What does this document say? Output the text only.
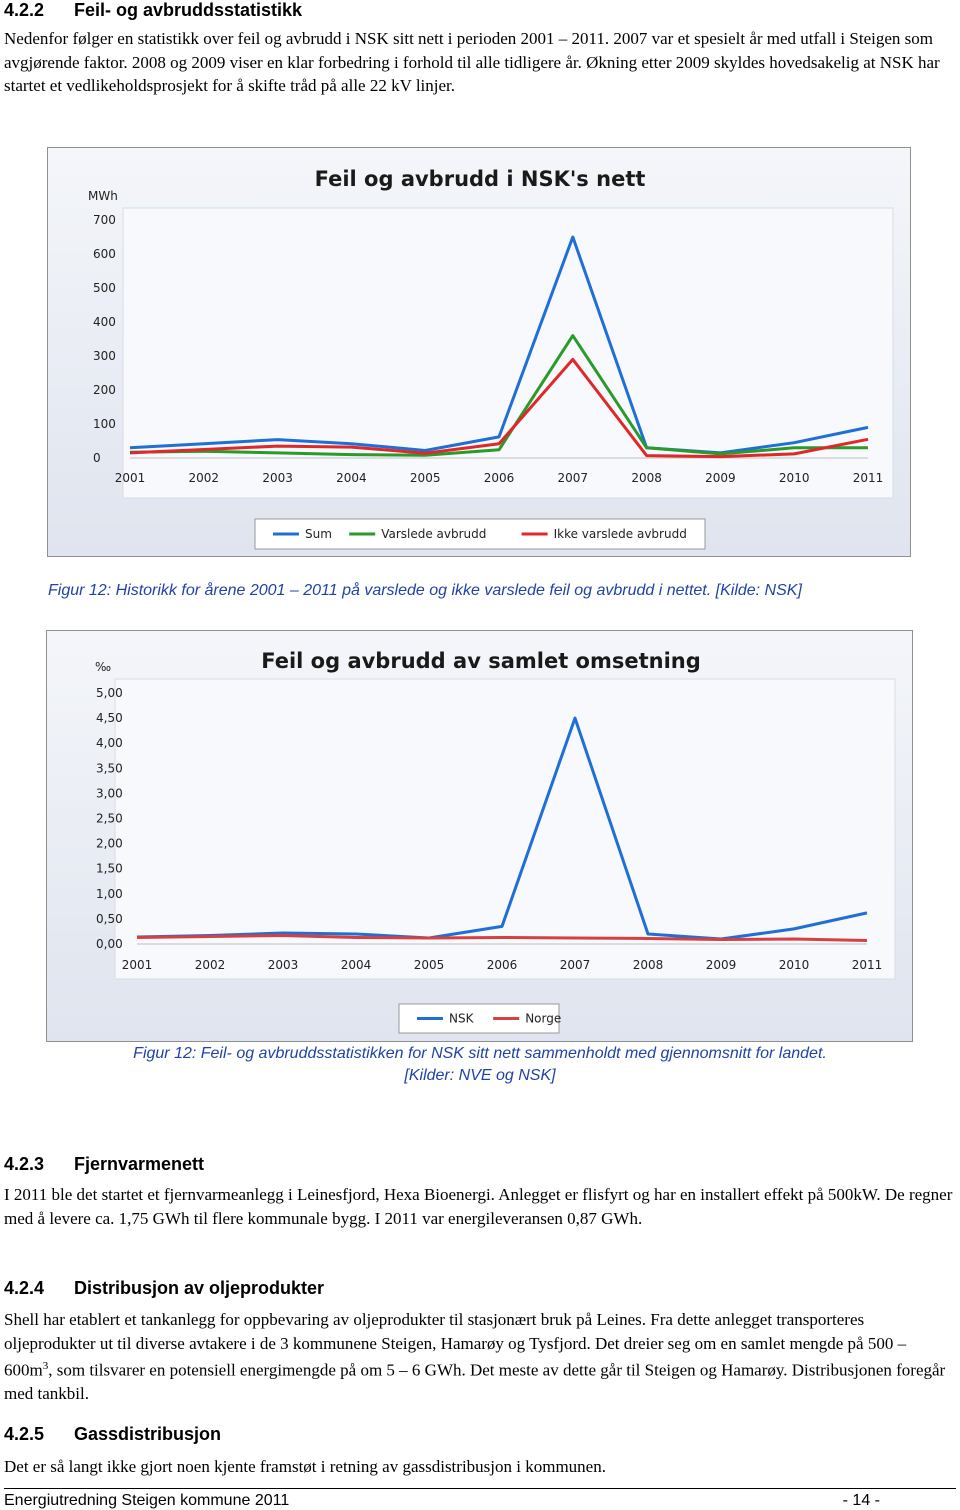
4.2.2 Feil- og avbruddsstatistikk

Nedenfor følger en statistikk over feil og avbrudd i NSK sitt nett i perioden 2001 – 2011. 2007 var et spesielt år med utfall i Steigen som avgjørende faktor. 2008 og 2009 viser en klar forbedring i forhold til alle tidligere år. Økning etter 2009 skyldes hovedsakelig at NSK har startet et vedlikeholdsprosjekt for å skifte tråd på alle 22 kV linjer.

Feil og avbrudd i NSK's nett
MWh
0
100
200
300
400
500
600
700
2001	2002	2003	2004	2005	2006	2007	2008	2009	2010	2011
Sum	Varslede avbrudd	Ikke varslede avbrudd

Figur 12: Historikk for årene 2001 – 2011 på varslede og ikke varslede feil og avbrudd i nettet. [Kilde: NSK]

Feil og avbrudd av samlet omsetning
‰
0,00
0,50
1,00
1,50
2,00
2,50
3,00
3,50
4,00
4,50
5,00
2001	2002	2003	2004	2005	2006	2007	2008	2009	2010	2011
NSK	Norge

Figur 12: Feil- og avbruddsstatistikken for NSK sitt nett sammenholdt med gjennomsnitt for landet.

[Kilder: NVE og NSK]

4.2.3 Fjernvarmenett

I 2011 ble det startet et fjernvarmeanlegg i Leinesfjord, Hexa Bioenergi. Anlegget er flisfyrt og har en installert effekt på 500kW. De regner med å levere ca. 1,75 GWh til flere kommunale bygg. I 2011 var energileveransen 0,87 GWh.

4.2.4 Distribusjon av oljeprodukter

Shell har etablert et tankanlegg for oppbevaring av oljeprodukter til stasjonært bruk på Leines. Fra dette anlegget transporteres oljeprodukter ut til diverse avtakere i de 3 kommunene Steigen, Hamarøy og Tysfjord. Det dreier seg om en samlet mengde på $500 - 600m^3$, som tilsvarer en potensiell energimengde på om 5 – 6 GWh. Det meste av dette går til Steigen og Hamarøy. Distribusjonen foregår med tankbil.

4.2.5 Gassdistribusjon

Det er så langt ikke gjort noen kjente framstøt i retning av gassdistribusjon i kommunen.

Energiutredning Steigen kommune 2011	- 14 -
